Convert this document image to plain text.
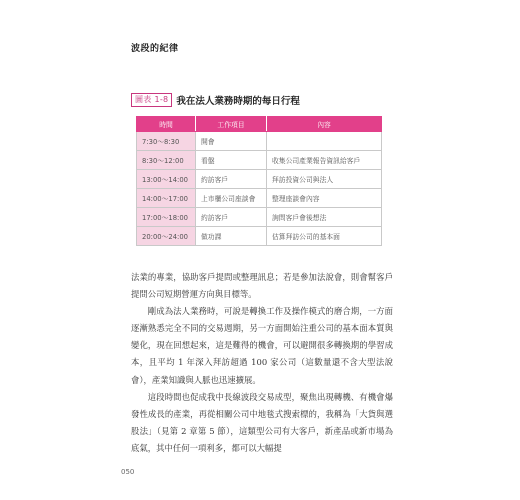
波段的紀律
圖表 1-8 我在法人業務時期的每日行程
時間	工作項目	內容
7:30～8:30	開會	
8:30～12:00	看盤	收集公司產業報告資訊給客戶
13:00～14:00	約訪客戶	拜訪投資公司與法人
14:00～17:00	上市櫃公司座談會	整理座談會內容
17:00～18:00	約訪客戶	詢問客戶會後想法
20:00～24:00	做功課	估算拜訪公司的基本面

法業的專業，協助客戶提問或整理訊息；若是參加法說會，則會幫客戶提問公司短期營運方向與目標等。

剛成為法人業務時，可說是轉換工作及操作模式的磨合期，一方面逐漸熟悉完全不同的交易週期，另一方面開始注重公司的基本面本質與變化，現在回想起來，這是難得的機會，可以避開很多轉換期的學習成本，且平均 1 年深入拜訪超過 100 家公司（這數量還不含大型法說會），產業知識與人脈也迅速擴展。

這段時間也促成我中長線波段交易成型，聚焦出現轉機、有機會爆發性成長的產業，再從相關公司中地毯式搜索標的，我稱為「大貨與選股法」（見第 2 章第 5 節），這類型公司有大客戶，新產品或新市場為底氣，其中任何一項利多，都可以大幅提

050
